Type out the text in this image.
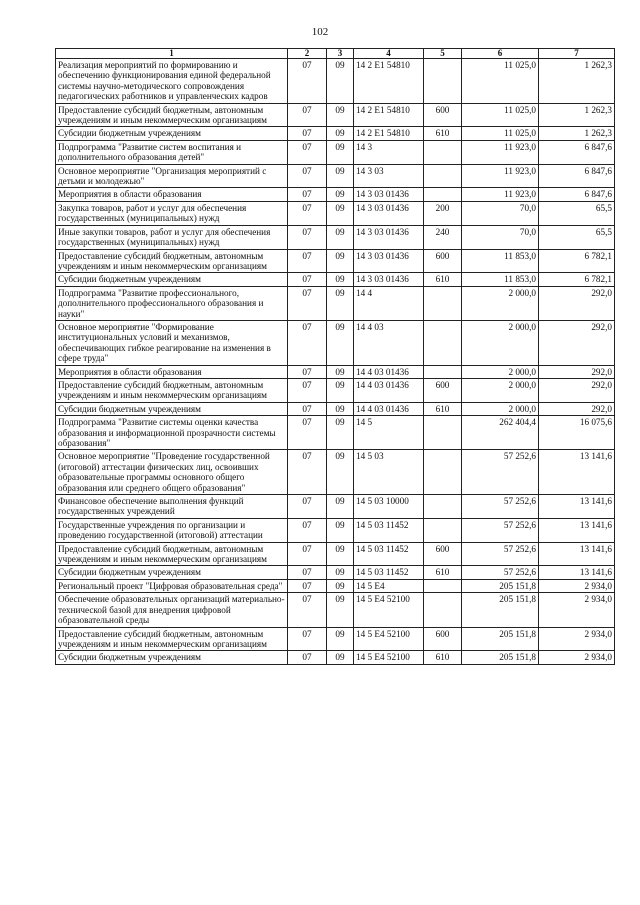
102
1	2	3	4	5	6	7
Реализация мероприятий по формированию и обеспечению функционирования единой федеральной системы научно-методического сопровождения педагогических работников и управленческих кадров	07	09	14 2 E1 54810		11 025,0	1 262,3
Предоставление субсидий бюджетным, автономным учреждениям и иным некоммерческим организациям	07	09	14 2 E1 54810	600	11 025,0	1 262,3
Субсидии бюджетным учреждениям	07	09	14 2 E1 54810	610	11 025,0	1 262,3
Подпрограмма "Развитие систем воспитания и дополнительного образования детей"	07	09	14 3		11 923,0	6 847,6
Основное мероприятие "Организация мероприятий с детьми и молодежью"	07	09	14 3 03		11 923,0	6 847,6
Мероприятия в области образования	07	09	14 3 03 01436		11 923,0	6 847,6
Закупка товаров, работ и услуг для обеспечения государственных (муниципальных) нужд	07	09	14 3 03 01436	200	70,0	65,5
Иные закупки товаров, работ и услуг для обеспечения государственных (муниципальных) нужд	07	09	14 3 03 01436	240	70,0	65,5
Предоставление субсидий бюджетным, автономным учреждениям и иным некоммерческим организациям	07	09	14 3 03 01436	600	11 853,0	6 782,1
Субсидии бюджетным учреждениям	07	09	14 3 03 01436	610	11 853,0	6 782,1
Подпрограмма "Развитие профессионального, дополнительного профессионального образования и науки"	07	09	14 4		2 000,0	292,0
Основное мероприятие "Формирование институциональных условий и механизмов, обеспечивающих гибкое реагирование на изменения в сфере труда"	07	09	14 4 03		2 000,0	292,0
Мероприятия в области образования	07	09	14 4 03 01436		2 000,0	292,0
Предоставление субсидий бюджетным, автономным учреждениям и иным некоммерческим организациям	07	09	14 4 03 01436	600	2 000,0	292,0
Субсидии бюджетным учреждениям	07	09	14 4 03 01436	610	2 000,0	292,0
Подпрограмма "Развитие системы оценки качества образования и информационной прозрачности системы образования"	07	09	14 5		262 404,4	16 075,6
Основное мероприятие "Проведение государственной (итоговой) аттестации физических лиц, освоивших образовательные программы основного общего образования или среднего общего образования"	07	09	14 5 03		57 252,6	13 141,6
Финансовое обеспечение выполнения функций государственных учреждений	07	09	14 5 03 10000		57 252,6	13 141,6
Государственные учреждения по организации и проведению государственной (итоговой) аттестации	07	09	14 5 03 11452		57 252,6	13 141,6
Предоставление субсидий бюджетным, автономным учреждениям и иным некоммерческим организациям	07	09	14 5 03 11452	600	57 252,6	13 141,6
Субсидии бюджетным учреждениям	07	09	14 5 03 11452	610	57 252,6	13 141,6
Региональный проект "Цифровая образовательная среда"	07	09	14 5 E4		205 151,8	2 934,0
Обеспечение образовательных организаций материально-технической базой для внедрения цифровой образовательной среды	07	09	14 5 E4 52100		205 151,8	2 934,0
Предоставление субсидий бюджетным, автономным учреждениям и иным некоммерческим организациям	07	09	14 5 E4 52100	600	205 151,8	2 934,0
Субсидии бюджетным учреждениям	07	09	14 5 E4 52100	610	205 151,8	2 934,0
